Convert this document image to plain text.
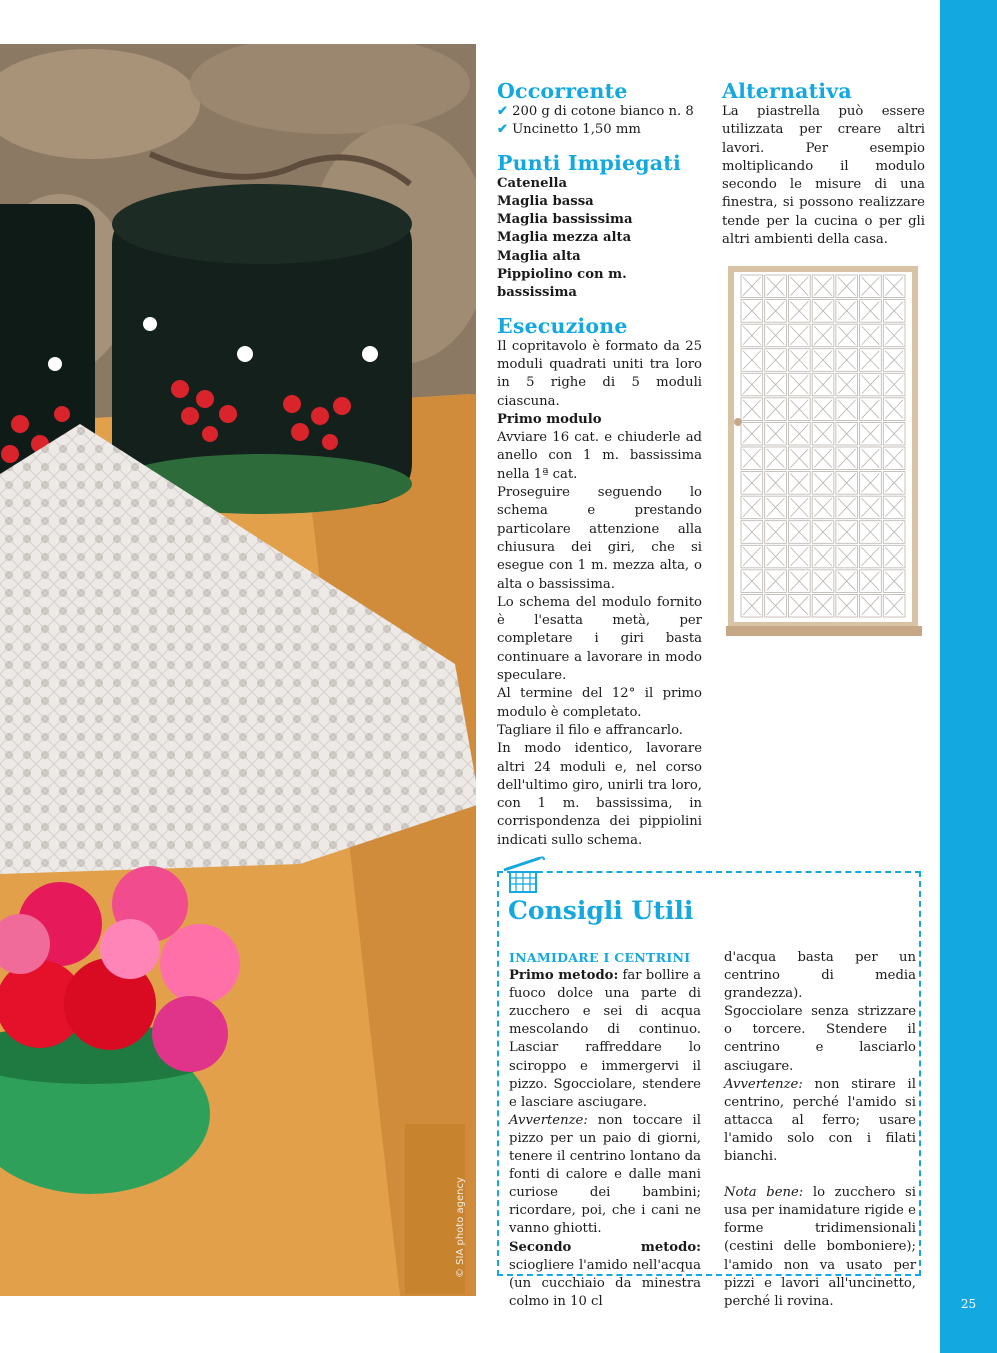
© SIA photo agency
Occorrente
✔ 200 g di cotone bianco n. 8
✔ Uncinetto 1,50 mm
Punti Impiegati
Catenella
Maglia bassa
Maglia bassissima
Maglia mezza alta
Maglia alta
Pippiolino con m. bassissima
Esecuzione
Il copritavolo è formato da 25 moduli quadrati uniti tra loro in 5 righe di 5 moduli ciascuna.
Primo modulo
Avviare 16 cat. e chiuderle ad anello con 1 m. bassissima nella 1ª cat.
Proseguire seguendo lo schema e prestando particolare attenzione alla chiusura dei giri, che si esegue con 1 m. mezza alta, o alta o bassissima.
Lo schema del modulo fornito è l'esatta metà, per completare i giri basta continuare a lavorare in modo speculare.
Al termine del 12° il primo modulo è completato.
Tagliare il filo e affrancarlo.
In modo identico, lavorare altri 24 moduli e, nel corso dell'ultimo giro, unirli tra loro, con 1 m. bassissima, in corrispondenza dei pippiolini indicati sullo schema.
Alternativa
La piastrella può essere utilizzata per creare altri lavori. Per esempio moltiplicando il modulo secondo le misure di una finestra, si possono realizzare tende per la cucina o per gli altri ambienti della casa.
Consigli Utili
INAMIDARE I CENTRINI
Primo metodo: far bollire a fuoco dolce una parte di zucchero e sei di acqua mescolando di continuo. Lasciar raffreddare lo sciroppo e immergervi il pizzo. Sgocciolare, stendere e lasciare asciugare.
Avvertenze: non toccare il pizzo per un paio di giorni, tenere il centrino lontano da fonti di calore e dalle mani curiose dei bambini; ricordare, poi, che i cani ne vanno ghiotti.
Secondo metodo: sciogliere l'amido nell'acqua (un cucchiaio da minestra colmo in 10 cl
d'acqua basta per un centrino di media grandezza).
Sgocciolare senza strizzare o torcere. Stendere il centrino e lasciarlo asciugare.
Avvertenze: non stirare il centrino, perché l'amido si attacca al ferro; usare l'amido solo con i filati bianchi.
Nota bene: lo zucchero si usa per inamidature rigide e forme tridimensionali (cestini delle bomboniere); l'amido non va usato per pizzi e lavori all'uncinetto, perché li rovina.	25
